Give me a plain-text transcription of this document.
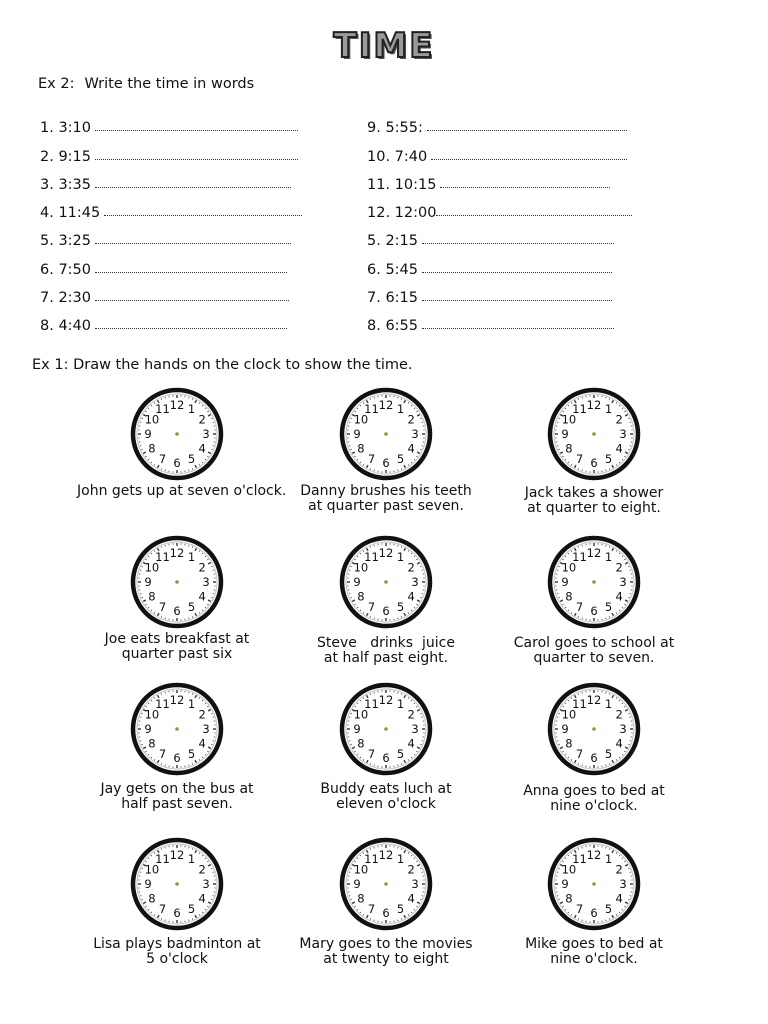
TIME
Ex 2: Write the time in words
1. 3:10
2. 9:15
3. 3:35
4. 11:45
5. 3:25
6. 7:50
7. 2:30
8. 4:40
9. 5:55:
10. 7:40
11. 10:15
12. 12:00
5. 2:15
6. 5:45
7. 6:15
8. 6:55
Ex 1: Draw the hands on the clock to show the time.
12 1
2
3
4
5
6
7
8
9
10
11
John gets up at seven o'clock.
12 1
2
3
4
5
6
7
8
9
10
11
Danny brushes his teeth
at quarter past seven.
12 1
2
3
4
5
6
7
8
9
10
11
Jack takes a shower
at quarter to eight.
12 1
2
3
4
5
6
7
8
9
10
11
Joe eats breakfast at
quarter past six
12 1
2
3
4
5
6
7
8
9
10
11
Steve   drinks  juice
at half past eight.
12 1
2
3
4
5
6
7
8
9
10
11
Carol goes to school at
quarter to seven.
12 1
2
3
4
5
6
7
8
9
10
11
Jay gets on the bus at
half past seven.
12 1
2
3
4
5
6
7
8
9
10
11
Buddy eats luch at
eleven o'clock
12 1
2
3
4
5
6
7
8
9
10
11
Anna goes to bed at
nine o'clock.
12 1
2
3
4
5
6
7
8
9
10
11
Lisa plays badminton at
5 o'clock
12 1
2
3
4
5
6
7
8
9
10
11
Mary goes to the movies
at twenty to eight
12 1
2
3
4
5
6
7
8
9
10
11
Mike goes to bed at
nine o'clock.
